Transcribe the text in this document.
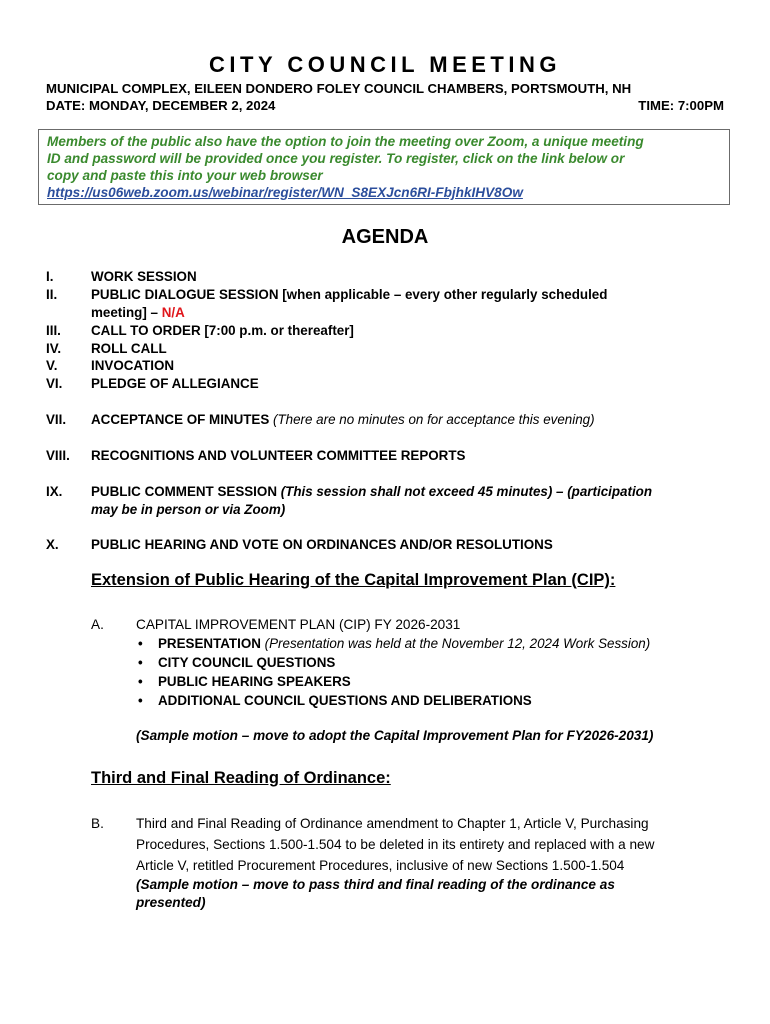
CITY COUNCIL MEETING
MUNICIPAL COMPLEX, EILEEN DONDERO FOLEY COUNCIL CHAMBERS, PORTSMOUTH, NH
DATE: MONDAY, DECEMBER 2, 2024	TIME: 7:00PM
Members of the public also have the option to join the meeting over Zoom, a unique meeting
ID and password will be provided once you register. To register, click on the link below or
copy and paste this into your web browser
https://us06web.zoom.us/webinar/register/WN_S8EXJcn6RI-FbjhkIHV8Ow
AGENDA
I.	WORK SESSION
II.	PUBLIC DIALOGUE SESSION [when applicable – every other regularly scheduled
meeting] – N/A
III. CALL TO ORDER [7:00 p.m. or thereafter]
IV. ROLL CALL
V.	INVOCATION
VI. PLEDGE OF ALLEGIANCE
VII. ACCEPTANCE OF MINUTES (There are no minutes on for acceptance this evening)
VIII. RECOGNITIONS AND VOLUNTEER COMMITTEE REPORTS
IX. PUBLIC COMMENT SESSION (This session shall not exceed 45 minutes) – (participation
may be in person or via Zoom)
X. PUBLIC HEARING AND VOTE ON ORDINANCES AND/OR RESOLUTIONS
Extension of Public Hearing of the Capital Improvement Plan (CIP):
A. CAPITAL IMPROVEMENT PLAN (CIP) FY 2026-2031
• PRESENTATION (Presentation was held at the November 12, 2024 Work Session)
• CITY COUNCIL QUESTIONS
• PUBLIC HEARING SPEAKERS
• ADDITIONAL COUNCIL QUESTIONS AND DELIBERATIONS
(Sample motion – move to adopt the Capital Improvement Plan for FY2026-2031)
Third and Final Reading of Ordinance:
B. Third and Final Reading of Ordinance amendment to Chapter 1, Article V, Purchasing
Procedures, Sections 1.500-1.504 to be deleted in its entirety and replaced with a new
Article V, retitled Procurement Procedures, inclusive of new Sections 1.500-1.504
(Sample motion – move to pass third and final reading of the ordinance as
presented)
